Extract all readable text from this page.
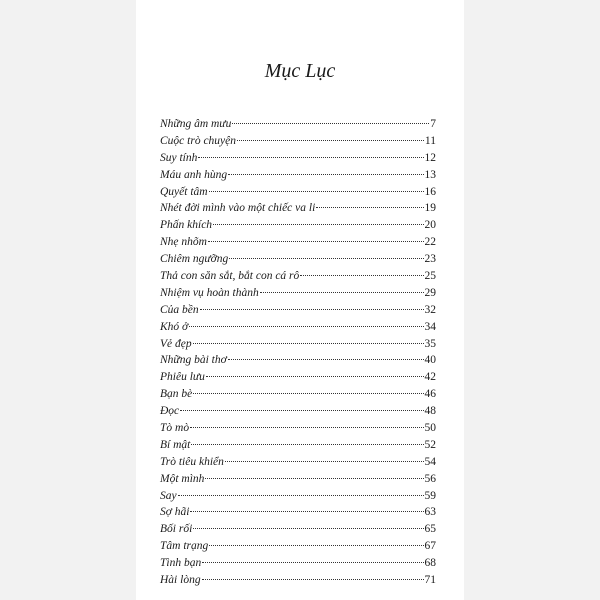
Mục Lục
Những âm mưu	7
Cuộc trò chuyện	11
Suy tính	12
Máu anh hùng	13
Quyết tâm	16
Nhét đời mình vào một chiếc va li	19
Phấn khích	20
Nhẹ nhõm	22
Chiêm ngưỡng	23
Thả con săn sắt, bắt con cá rô	25
Nhiệm vụ hoàn thành	29
Của bền	32
Khó ở	34
Vẻ đẹp	35
Những bài thơ	40
Phiêu lưu	42
Bạn bè	46
Đọc	48
Tò mò	50
Bí mật	52
Trò tiêu khiển	54
Một mình	56
Say	59
Sợ hãi	63
Bối rối	65
Tâm trạng	67
Tình bạn	68
Hài lòng	71
